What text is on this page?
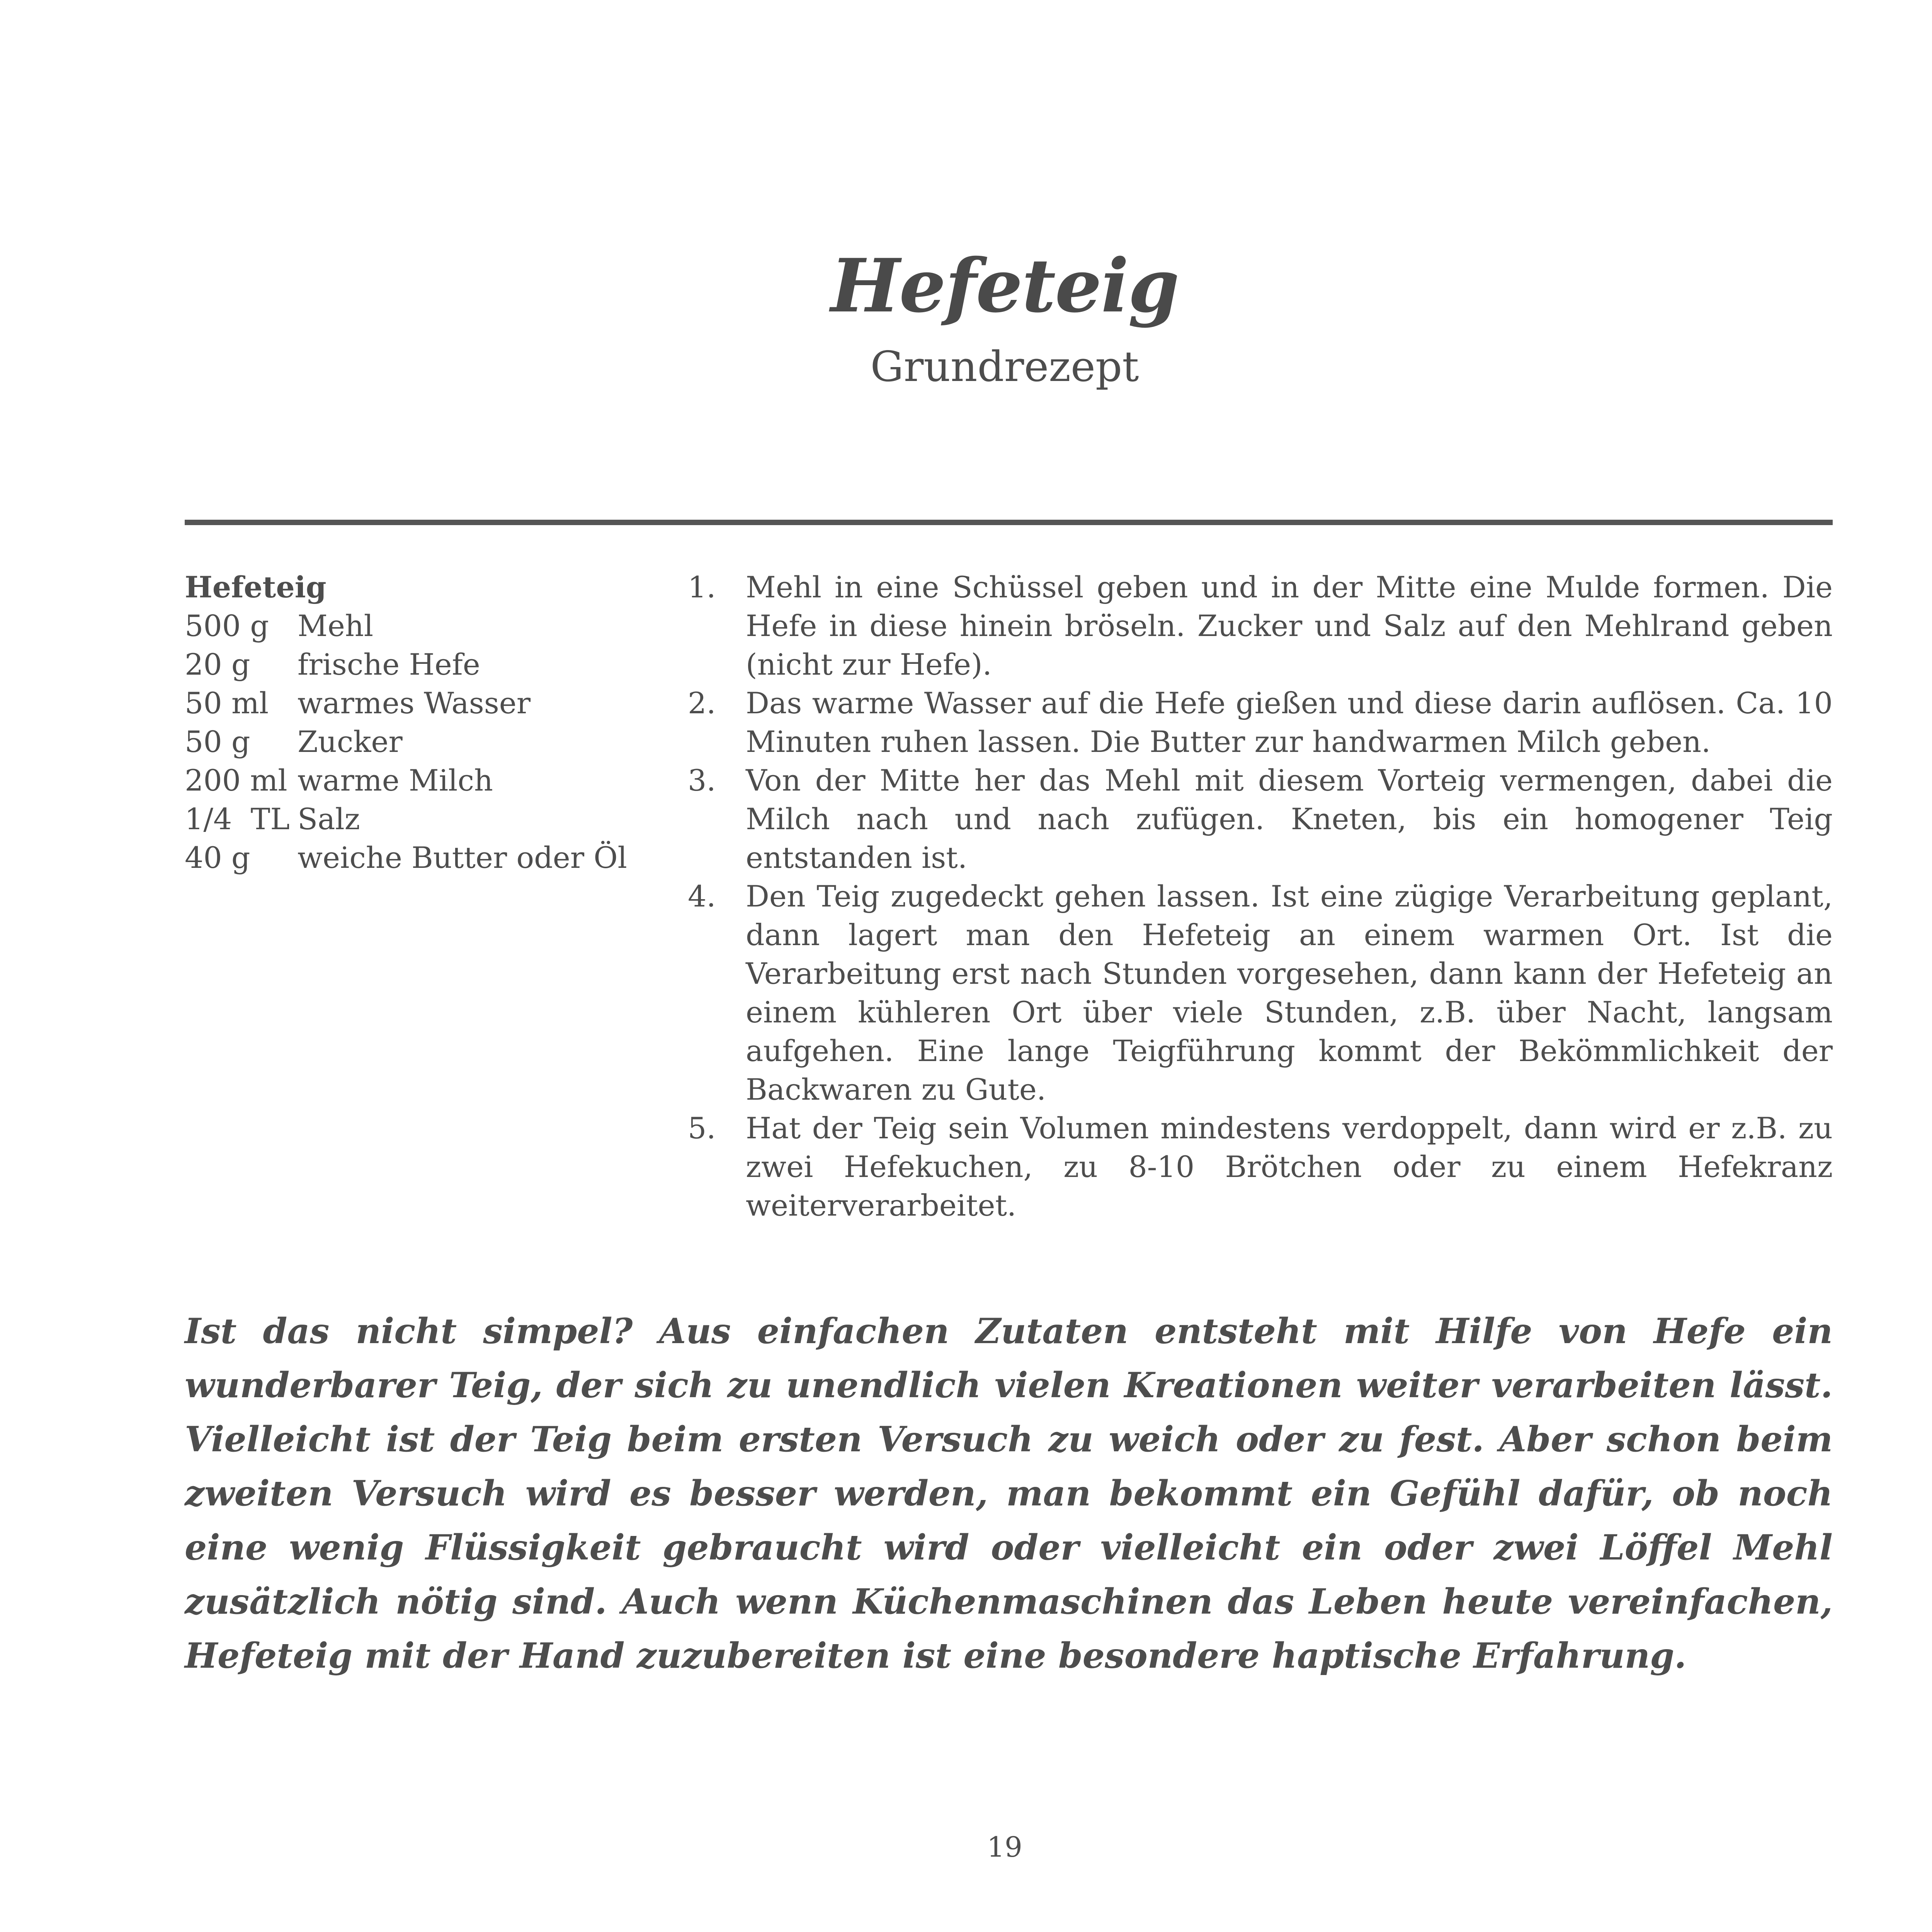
Hefeteig
Grundrezept
Hefeteig
500 g Mehl
20 g	frische Hefe
50 ml warmes Wasser
50 g	Zucker
200 ml warme Milch
1/4  TL Salz
40 g	weiche Butter oder Öl
1.	Mehl in eine Schüssel geben und in der Mitte eine Mulde formen. Die Hefe in diese hinein bröseln. Zucker und Salz auf den Mehlrand geben (nicht zur Hefe).
2.	Das warme Wasser auf die Hefe gießen und diese darin auflösen. Ca. 10 Minuten ruhen lassen. Die Butter zur handwarmen Milch geben.
3.	Von der Mitte her das Mehl mit diesem Vorteig vermengen, dabei die Milch nach und nach zufügen. Kneten, bis ein homogener Teig entstanden ist.
4.	Den Teig zugedeckt gehen lassen. Ist eine zügige Verarbeitung geplant, dann lagert man den Hefeteig an einem warmen Ort. Ist die Verarbeitung erst nach Stunden vorgesehen, dann kann der Hefeteig an einem kühleren Ort über viele Stunden, z.B. über Nacht, langsam aufgehen. Eine lange Teigführung kommt der Bekömmlichkeit der Backwaren zu Gute.
5.	Hat der Teig sein Volumen mindestens verdoppelt, dann wird er z.B. zu zwei Hefekuchen, zu 8-10 Brötchen oder zu einem Hefekranz weiterverarbeitet.
Ist das nicht simpel? Aus einfachen Zutaten entsteht mit Hilfe von Hefe ein wunderbarer Teig, der sich zu unendlich vielen Kreationen weiter verarbeiten lässt. Vielleicht ist der Teig beim ersten Versuch zu weich oder zu fest. Aber schon beim zweiten Versuch wird es besser werden, man bekommt ein Gefühl dafür, ob noch eine wenig Flüssigkeit gebraucht wird oder vielleicht ein oder zwei Löffel Mehl zusätzlich nötig sind. Auch wenn Küchenmaschinen das Leben heute vereinfachen, Hefeteig mit der Hand zuzubereiten ist eine besondere haptische Erfahrung.
19
